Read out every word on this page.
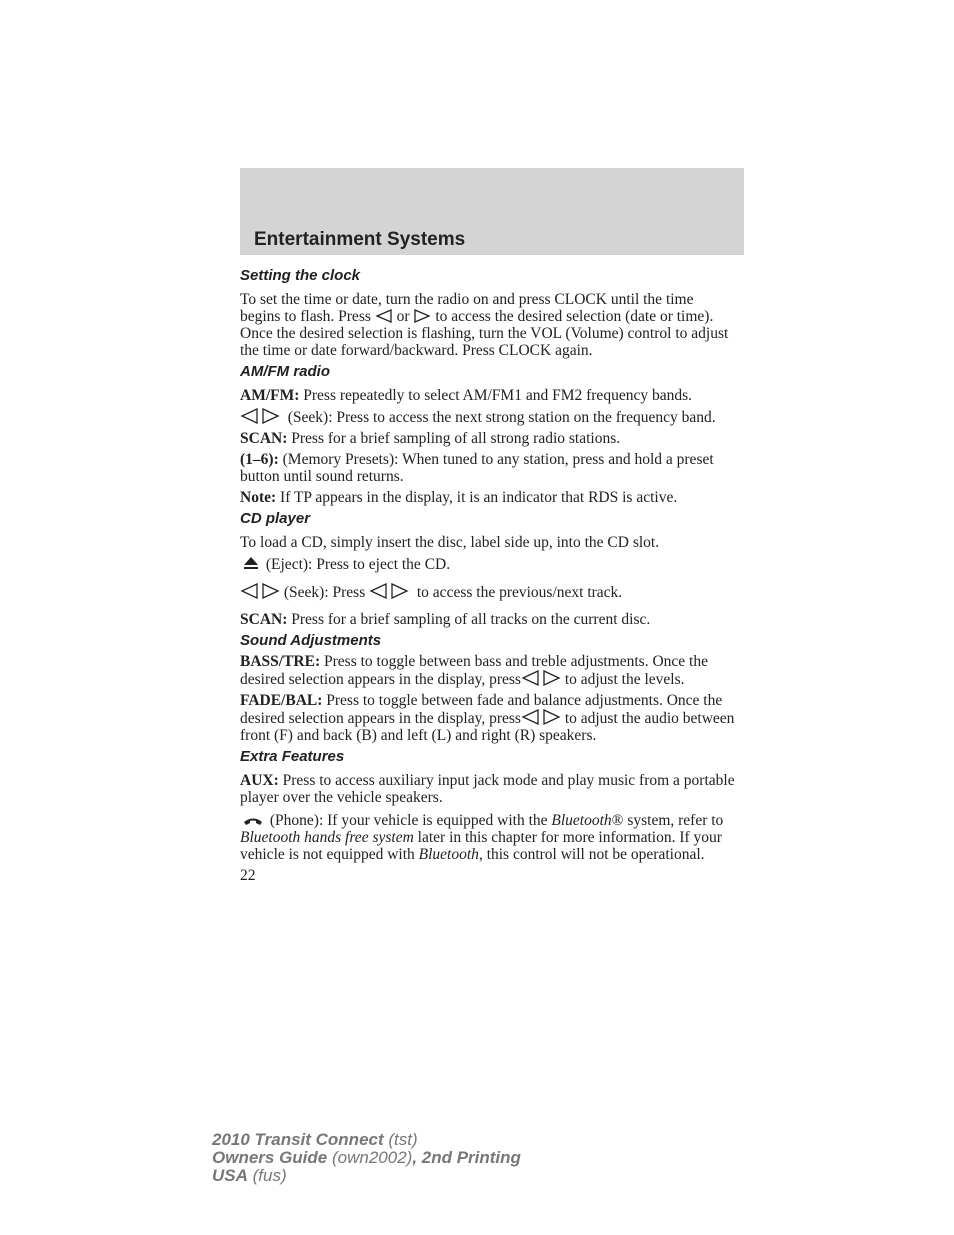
Entertainment Systems
Setting the clock

To set the time or date, turn the radio on and press CLOCK until the time begins to flash. Press or to access the desired selection (date or time). Once the desired selection is flashing, turn the VOL (Volume) control to adjust the time or date forward/backward. Press CLOCK again.

AM/FM radio

AM/FM: Press repeatedly to select AM/FM1 and FM2 frequency bands.

(Seek): Press to access the next strong station on the frequency band.

SCAN: Press for a brief sampling of all strong radio stations.

(1–6): (Memory Presets): When tuned to any station, press and hold a preset button until sound returns.

Note: If TP appears in the display, it is an indicator that RDS is active.

CD player

To load a CD, simply insert the disc, label side up, into the CD slot.

(Eject): Press to eject the CD.

(Seek): Press	to access the previous/next track.

SCAN: Press for a brief sampling of all tracks on the current disc.

Sound Adjustments

BASS/TRE: Press to toggle between bass and treble adjustments. Once the desired selection appears in the display, press	to adjust the levels.

FADE/BAL: Press to toggle between fade and balance adjustments. Once the desired selection appears in the display, press	to adjust the audio between front (F) and back (B) and left (L) and right (R) speakers.

Extra Features

AUX: Press to access auxiliary input jack mode and play music from a portable player over the vehicle speakers.

(Phone): If your vehicle is equipped with the Bluetooth® system, refer to Bluetooth hands free system later in this chapter for more information. If your vehicle is not equipped with Bluetooth, this control will not be operational.

22
2010 Transit Connect (tst)
Owners Guide (own2002), 2nd Printing
USA (fus)
